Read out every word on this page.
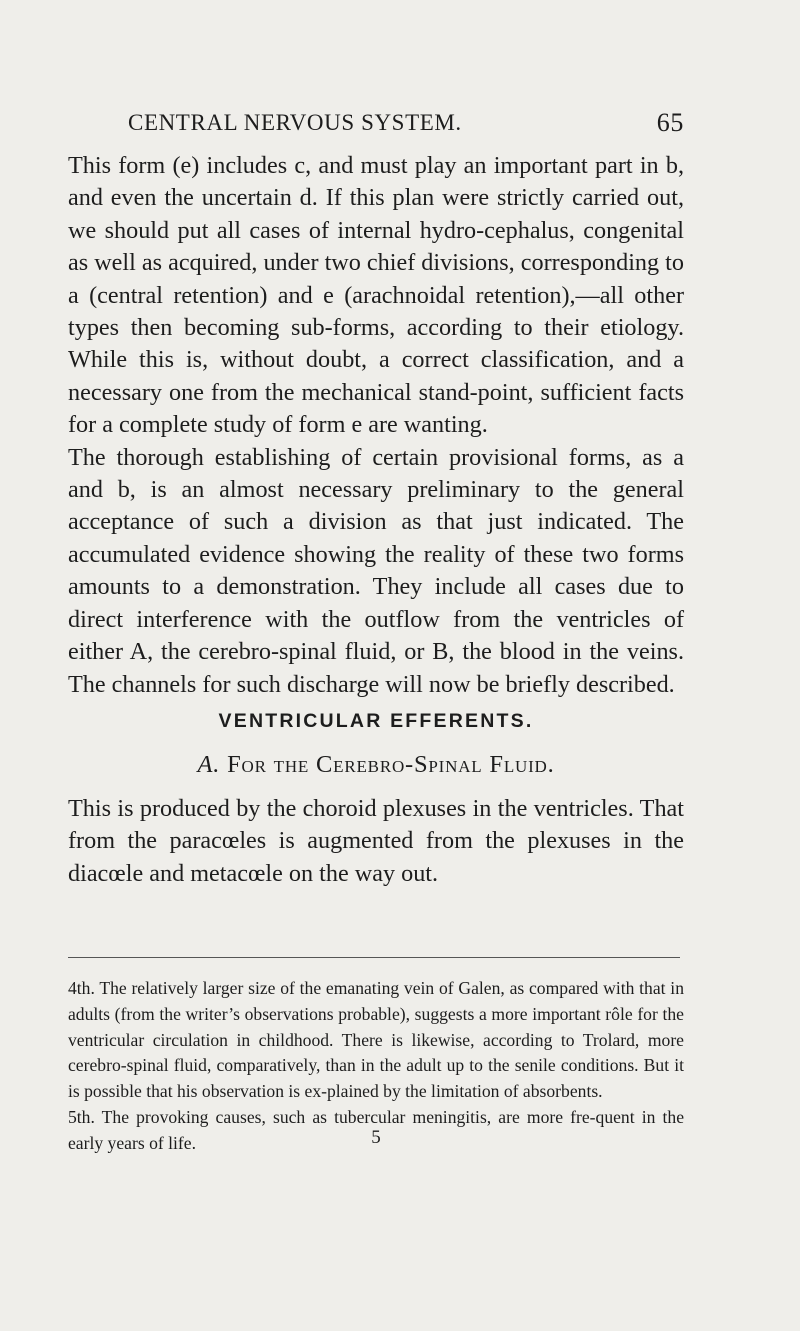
CENTRAL NERVOUS SYSTEM.	65

This form (e) includes c, and must play an important part in b, and even the uncertain d. If this plan were strictly carried out, we should put all cases of internal hydro-cephalus, congenital as well as acquired, under two chief divisions, corresponding to a (central retention) and e (arachnoidal retention),—all other types then becoming sub-forms, according to their etiology. While this is, without doubt, a correct classification, and a necessary one from the mechanical stand-point, sufficient facts for a complete study of form e are wanting.

The thorough establishing of certain provisional forms, as a and b, is an almost necessary preliminary to the general acceptance of such a division as that just indicated. The accumulated evidence showing the reality of these two forms amounts to a demonstration. They include all cases due to direct interference with the outflow from the ventricles of either A, the cerebro-spinal fluid, or B, the blood in the veins. The channels for such discharge will now be briefly described.

VENTRICULAR EFFERENTS.

A. For the Cerebro-Spinal Fluid.

This is produced by the choroid plexuses in the ventricles. That from the paracœles is augmented from the plexuses in the diacœle and metacœle on the way out.

4th. The relatively larger size of the emanating vein of Galen, as compared with that in adults (from the writer’s observations probable), suggests a more important rôle for the ventricular circulation in childhood. There is likewise, according to Trolard, more cerebro-spinal fluid, comparatively, than in the adult up to the senile conditions. But it is possible that his observation is ex-plained by the limitation of absorbents.

5th. The provoking causes, such as tubercular meningitis, are more fre-quent in the early years of life.	5
